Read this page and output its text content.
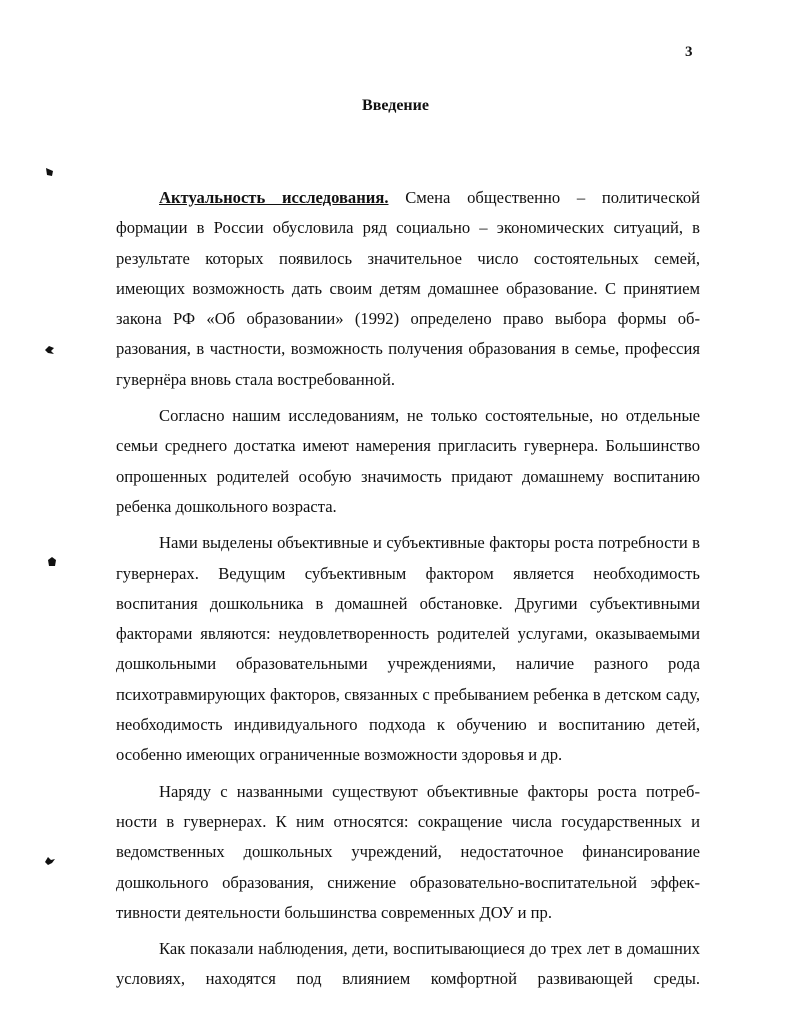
3
Введение

Актуальность исследования. Смена общественно – политической формации в России обусловила ряд социально – экономических ситуаций, в результате которых появилось значительное число состоятельных семей, имеющих возможность дать своим детям домашнее образование. С принятием закона РФ «Об образовании» (1992) определено право выбора формы образования, в частности, возможность получения образования в семье, профессия гувернёра вновь стала востребованной.

Согласно нашим исследованиям, не только состоятельные, но отдельные семьи среднего достатка имеют намерения пригласить гувернера. Большинство опрошенных родителей особую значимость придают домашнему воспитанию ребенка дошкольного возраста.

Нами выделены объективные и субъективные факторы роста потребности в гувернерах. Ведущим субъективным фактором является необходимость воспитания дошкольника в домашней обстановке. Другими субъективными факторами являются: неудовлетворенность родителей услугами, оказываемыми дошкольными образовательными учреждениями, наличие разного рода психотравмирующих факторов, связанных с пребыванием ребенка в детском саду, необходимость индивидуального подхода к обучению и воспитанию детей, особенно имеющих ограниченные возможности здоровья и др.

Наряду с названными существуют объективные факторы роста потребности в гувернерах. К ним относятся: сокращение числа государственных и ведомственных дошкольных учреждений, недостаточное финансирование дошкольного образования, снижение образовательно-воспитательной эффективности деятельности большинства современных ДОУ и пр.

Как показали наблюдения, дети, воспитывающиеся до трех лет в домашних условиях, находятся под влиянием комфортной развивающей среды.
